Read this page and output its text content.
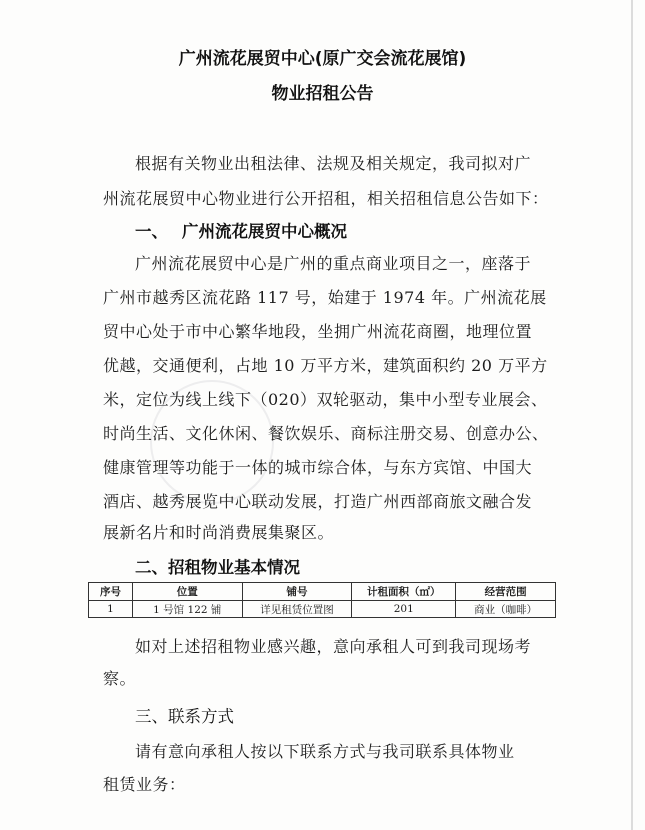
广州流花展贸中心(原广交会流花展馆)
物业招租公告
根据有关物业出租法律、法规及相关规定，我司拟对广
州流花展贸中心物业进行公开招租，相关招租信息公告如下：
一、 广州流花展贸中心概况
广州流花展贸中心是广州的重点商业项目之一，座落于
广州市越秀区流花路 117 号，始建于 1974 年。广州流花展
贸中心处于市中心繁华地段，坐拥广州流花商圈，地理位置
优越，交通便利，占地 10 万平方米，建筑面积约 20 万平方
米，定位为线上线下（020）双轮驱动，集中小型专业展会、
时尚生活、文化休闲、餐饮娱乐、商标注册交易、创意办公、
健康管理等功能于一体的城市综合体，与东方宾馆、中国大
酒店、越秀展览中心联动发展，打造广州西部商旅文融合发
展新名片和时尚消费展集聚区。
二、招租物业基本情况
序号	位置	铺号	计租面积（㎡）	经营范围
1	1 号馆 122 铺	详见租赁位置图	201	商业（咖啡）
如对上述招租物业感兴趣，意向承租人可到我司现场考
察。
三、联系方式
请有意向承租人按以下联系方式与我司联系具体物业
租赁业务：
